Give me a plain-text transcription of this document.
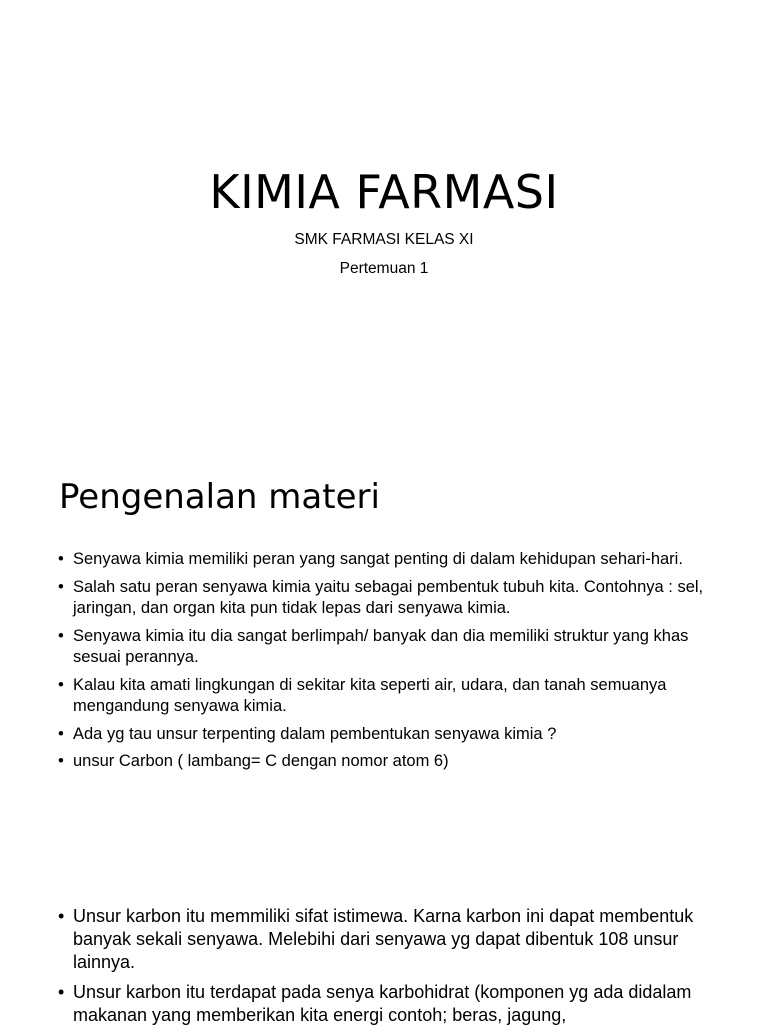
KIMIA FARMASI

SMK FARMASI KELAS XI

Pertemuan 1

Pengenalan materi
• Senyawa kimia memiliki peran yang sangat penting di dalam kehidupan sehari-hari.
• Salah satu peran senyawa kimia yaitu sebagai pembentuk tubuh kita. Contohnya : sel, jaringan, dan organ kita pun tidak lepas dari senyawa kimia.
• Senyawa kimia itu dia sangat berlimpah/ banyak dan dia memiliki struktur yang khas sesuai perannya.
• Kalau kita amati lingkungan di sekitar kita seperti air, udara, dan tanah semuanya mengandung senyawa kimia.
• Ada yg tau unsur terpenting dalam pembentukan senyawa kimia ?
• unsur Carbon ( lambang= C dengan nomor atom 6)
• Unsur karbon itu memmiliki sifat istimewa. Karna karbon ini dapat membentuk banyak sekali senyawa. Melebihi dari senyawa yg dapat dibentuk 108 unsur lainnya.
• Unsur karbon itu terdapat pada senya karbohidrat (komponen yg ada didalam makanan yang memberikan kita energi contoh; beras, jagung,
